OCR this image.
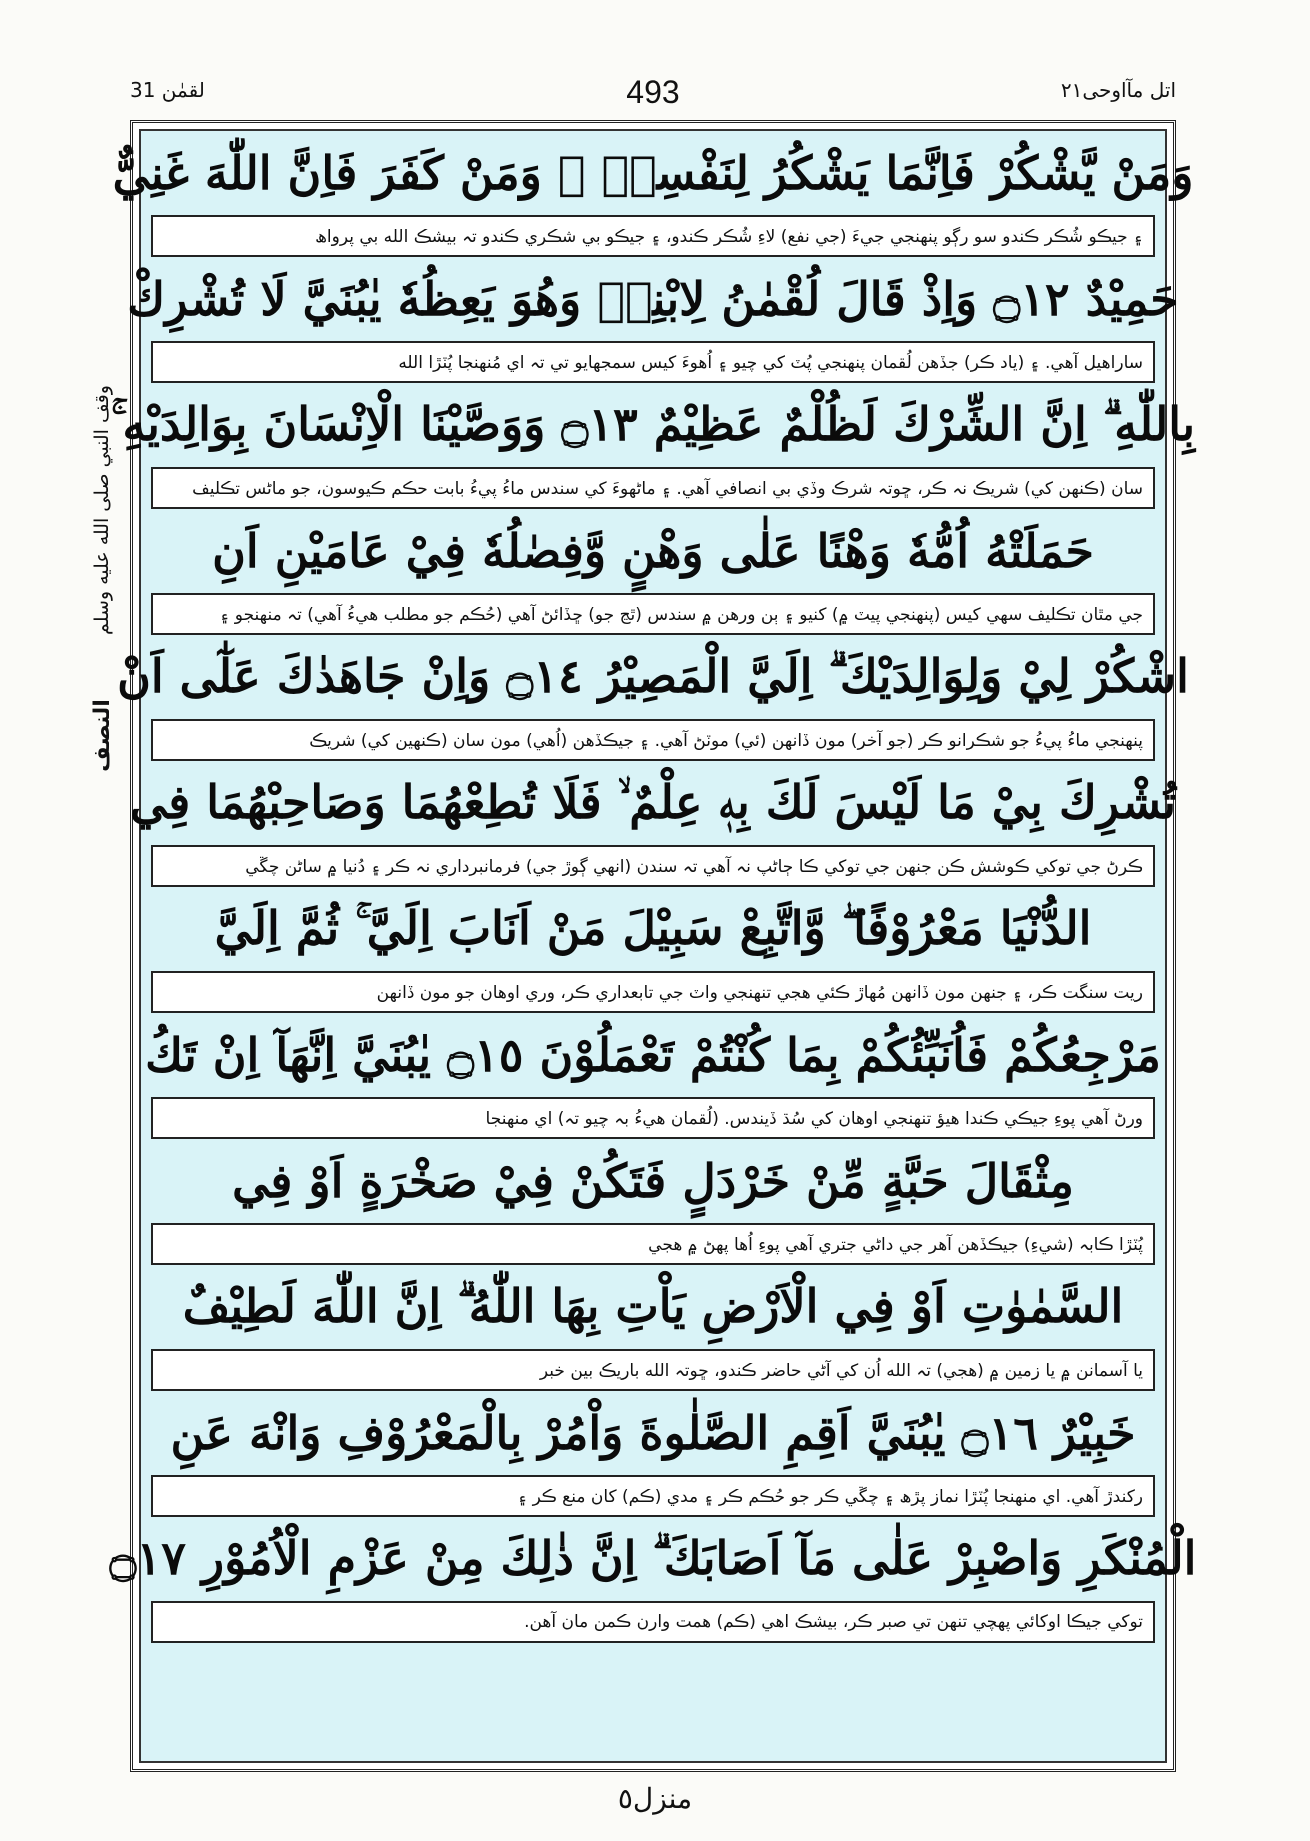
لقمٰن 31	493	اتل مآاوحی٢١
وقف النبي صلى الله عليه وسلم
النصف
وَمَنْ يَّشْكُرْ فَاِنَّمَا يَشْكُرُ لِنَفْسِهٖ ۚ وَمَنْ كَفَرَ فَاِنَّ اللّٰهَ غَنِيٌّ
۽ جيڪو شُڪر ڪندو سو رڳو پنهنجي جيءَ (جي نفع) لاءِ شُڪر ڪندو، ۽ جيڪو بي شڪري ڪندو تہ بيشڪ الله بي پرواھ
حَمِيْدٌ ۝١٢ وَاِذْ قَالَ لُقْمٰنُ لِابْنِهٖ وَهُوَ يَعِظُهٗ يٰبُنَيَّ لَا تُشْرِكْ
ساراھيل آھي. ۽ (ياد ڪر) جڏھن لُقمان پنهنجي پُٽ کي چيو ۽ اُھوءَ کيس سمجھايو تي تہ اي مُنهنجا پُٽڙا الله
بِاللّٰهِ ۗ اِنَّ الشِّرْكَ لَظُلْمٌ عَظِيْمٌ ۝١٣ وَوَصَّيْنَا الْاِنْسَانَ بِوَالِدَيْهِ ۚ
سان (ڪنهن کي) شريڪ نہ ڪر، ڇوتہ شرڪ وڏي بي انصافي آھي. ۽ ماڻهوءَ کي سندس ماءُ پيءُ بابت حڪم ڪيوسون، جو ماڻس تڪليف
حَمَلَتْهُ اُمُّهٗ وَهْنًا عَلٰى وَهْنٍ وَّفِصٰلُهٗ فِيْ عَامَيْنِ اَنِ
جي مٿان تڪليف سهي کيس (پنهنجي پيٽ ۾) کنيو ۽ ٻن ورهن ۾ سندس (ٿڃ جو) ڇڏائڻ آھي (حُڪم جو مطلب هيءُ آھي) تہ منهنجو ۽
اشْكُرْ لِيْ وَلِوَالِدَيْكَ ۗ اِلَيَّ الْمَصِيْرُ ۝١٤ وَاِنْ جَاهَدٰكَ عَلٰٓى اَنْ
پنهنجي ماءُ پيءُ جو شڪرانو ڪر (جو آخر) مون ڏانهن (ئي) موٽڻ آھي. ۽ جيڪڏھن (اُھي) مون سان (ڪنهين کي) شريڪ
تُشْرِكَ بِيْ مَا لَيْسَ لَكَ بِهٖ عِلْمٌ ۙ فَلَا تُطِعْهُمَا وَصَاحِبْهُمَا فِي
ڪرڻ جي توکي ڪوشش ڪن جنهن جي توکي ڪا ڄاڻپ نہ آھي تہ سندن (انهي ڳوڙ جي) فرمانبرداري نہ ڪر ۽ دُنيا ۾ ساڻن چڱي
الدُّنْيَا مَعْرُوْفًا ۖ وَّاتَّبِعْ سَبِيْلَ مَنْ اَنَابَ اِلَيَّ ۚ ثُمَّ اِلَيَّ
ريت سنگت ڪر، ۽ جنهن مون ڏانهن مُهاڙ ڪئي هجي تنهنجي واٽ جي تابعداري ڪر، وري اوھان جو مون ڏانهن
مَرْجِعُكُمْ فَاُنَبِّئُكُمْ بِمَا كُنْتُمْ تَعْمَلُوْنَ ۝١٥ يٰبُنَيَّ اِنَّهَآ اِنْ تَكُ
ورڻ آھي پوءِ جيڪي ڪندا هيؤ تنهنجي اوھان کي سُڌ ڏيندس. (لُقمان هيءُ بہ چيو تہ) اي منهنجا
مِثْقَالَ حَبَّةٍ مِّنْ خَرْدَلٍ فَتَكُنْ فِيْ صَخْرَةٍ اَوْ فِي
پُٽڙا ڪابہ (شيءِ) جيڪڏھن آھر جي داڻي جتري آھي پوءِ اُها پهڻ ۾ هجي
السَّمٰوٰتِ اَوْ فِي الْاَرْضِ يَاْتِ بِهَا اللّٰهُ ۗ اِنَّ اللّٰهَ لَطِيْفٌ
يا آسمانن ۾ يا زمين ۾ (هجي) تہ الله اُن کي آڻي حاضر ڪندو، ڇوتہ الله باريڪ بين خبر
خَبِيْرٌ ۝١٦ يٰبُنَيَّ اَقِمِ الصَّلٰوةَ وَاْمُرْ بِالْمَعْرُوْفِ وَانْهَ عَنِ
رکندڙ آھي. اي منهنجا پُٽڙا نماز پڙھ ۽ چڱي ڪر جو حُڪم ڪر ۽ مدي (ڪم) کان منع ڪر ۽
الْمُنْكَرِ وَاصْبِرْ عَلٰى مَآ اَصَابَكَ ۗ اِنَّ ذٰلِكَ مِنْ عَزْمِ الْاُمُوْرِ ۝١٧
توکي جيڪا اوکائي پهچي تنهن تي صبر ڪر، بيشڪ اھي (ڪم) همت وارن ڪمن مان آھن.
منزل٥
